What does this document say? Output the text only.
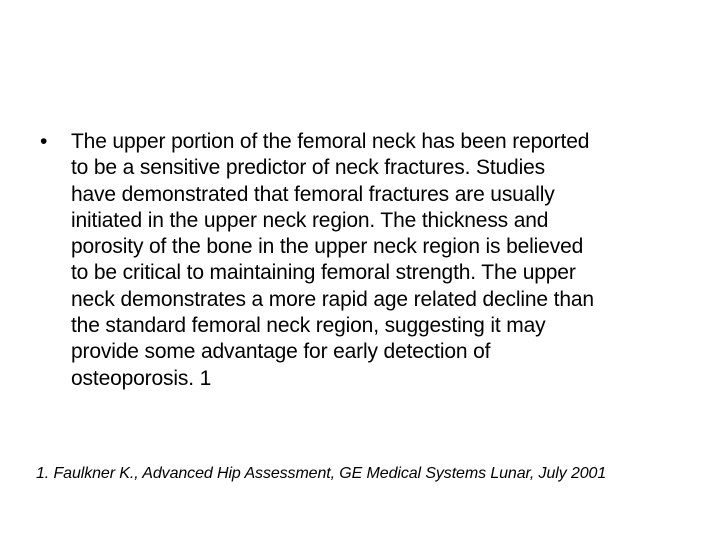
•	The upper portion of the femoral neck has been reported
to be a sensitive predictor of neck fractures. Studies
have demonstrated that femoral fractures are usually
initiated in the upper neck region. The thickness and
porosity of the bone in the upper neck region is believed
to be critical to maintaining femoral strength. The upper
neck demonstrates a more rapid age related decline than
the standard femoral neck region, suggesting it may
provide some advantage for early detection of
osteoporosis. 1
1. Faulkner K., Advanced Hip Assessment, GE Medical Systems Lunar, July 2001
